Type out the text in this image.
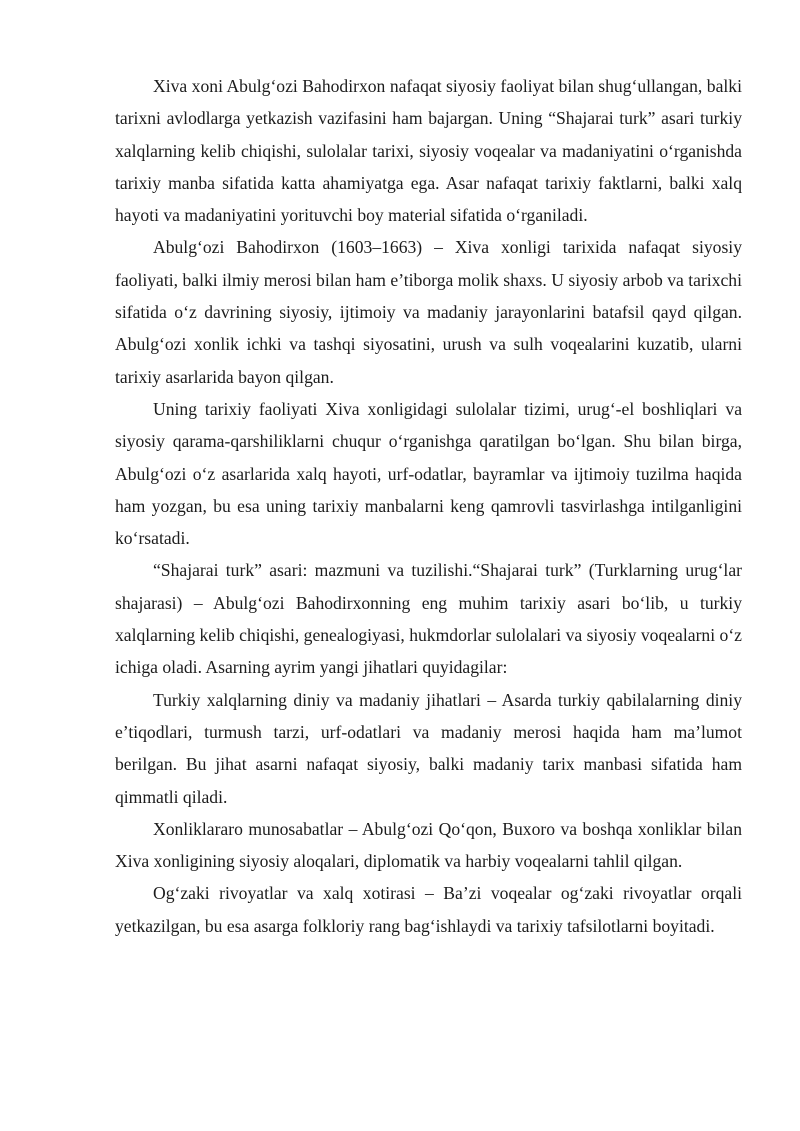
Xiva xoni Abulg‘ozi Bahodirxon nafaqat siyosiy faoliyat bilan shug‘ullangan, balki tarixni avlodlarga yetkazish vazifasini ham bajargan. Uning “Shajarai turk” asari turkiy xalqlarning kelib chiqishi, sulolalar tarixi, siyosiy voqealar va madaniyatini o‘rganishda tarixiy manba sifatida katta ahamiyatga ega. Asar nafaqat tarixiy faktlarni, balki xalq hayoti va madaniyatini yorituvchi boy material sifatida o‘rganiladi.

Abulg‘ozi Bahodirxon (1603–1663) – Xiva xonligi tarixida nafaqat siyosiy faoliyati, balki ilmiy merosi bilan ham e’tiborga molik shaxs. U siyosiy arbob va tarixchi sifatida o‘z davrining siyosiy, ijtimoiy va madaniy jarayonlarini batafsil qayd qilgan. Abulg‘ozi xonlik ichki va tashqi siyosatini, urush va sulh voqealarini kuzatib, ularni tarixiy asarlarida bayon qilgan.

Uning tarixiy faoliyati Xiva xonligidagi sulolalar tizimi, urug‘-el boshliqlari va siyosiy qarama-qarshiliklarni chuqur o‘rganishga qaratilgan bo‘lgan. Shu bilan birga, Abulg‘ozi o‘z asarlarida xalq hayoti, urf-odatlar, bayramlar va ijtimoiy tuzilma haqida ham yozgan, bu esa uning tarixiy manbalarni keng qamrovli tasvirlashga intilganligini ko‘rsatadi.

“Shajarai turk” asari: mazmuni va tuzilishi.“Shajarai turk” (Turklarning urug‘lar shajarasi) – Abulg‘ozi Bahodirxonning eng muhim tarixiy asari bo‘lib, u turkiy xalqlarning kelib chiqishi, genealogiyasi, hukmdorlar sulolalari va siyosiy voqealarni o‘z ichiga oladi. Asarning ayrim yangi jihatlari quyidagilar:

Turkiy xalqlarning diniy va madaniy jihatlari – Asarda turkiy qabilalarning diniy e’tiqodlari, turmush tarzi, urf-odatlari va madaniy merosi haqida ham ma’lumot berilgan. Bu jihat asarni nafaqat siyosiy, balki madaniy tarix manbasi sifatida ham qimmatli qiladi.

Xonliklararo munosabatlar – Abulg‘ozi Qo‘qon, Buxoro va boshqa xonliklar bilan Xiva xonligining siyosiy aloqalari, diplomatik va harbiy voqealarni tahlil qilgan.

Og‘zaki rivoyatlar va xalq xotirasi – Ba’zi voqealar og‘zaki rivoyatlar orqali yetkazilgan, bu esa asarga folkloriy rang bag‘ishlaydi va tarixiy tafsilotlarni boyitadi.
